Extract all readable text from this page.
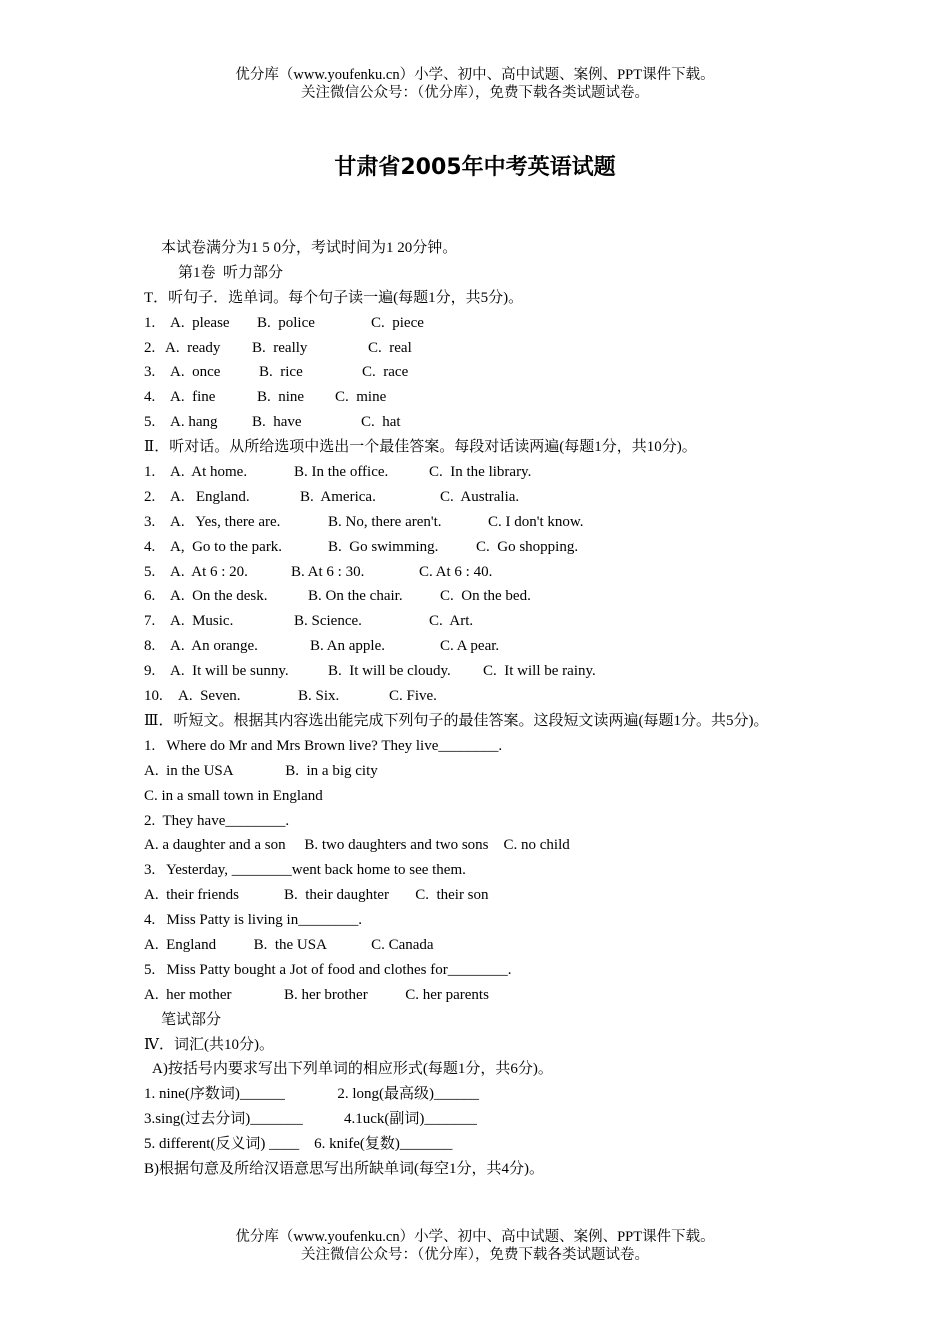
优分库（www.youfenku.cn）小学、初中、高中试题、案例、PPT课件下载。
关注微信公众号：（优分库），免费下载各类试题试卷。
甘肃省2005年中考英语试题
本试卷满分为1 5 0分，考试时间为1 20分钟。
第1卷  听力部分
T．听句子．选单词。每个句子读一遍(每题1分，共5分)。
1. A.  please B.  police	C.  piece
2. A.  ready B.  really	C.  real
3. A.  once	B.  rice	C.  race
4. A.  fine	B.  nine C.  mine
5. A. hang B.  have	C.  hat
Ⅱ．听对话。从所给选项中选出一个最佳答案。每段对话读两遍(每题1分，共10分)。
1. A.  At home.	B. In the office.	C.  In the library.
2. A.   England.	B.  America.	C.  Australia.
3. A.   Yes, there are.	B. No, there aren't.	C. I don't know.
4. A,  Go to the park.	B.  Go swimming.	C.  Go shopping.
5. A.  At 6 : 20.	B. At 6 : 30.	C. At 6 : 40.
6. A.  On the desk.	B. On the chair. C.  On the bed.
7. A.  Music.	B. Science.	C.  Art.
8. A.  An orange.	B. An apple.	C. A pear.
9. A.  It will be sunny.	B.  It will be cloudy. C.  It will be rainy.
10. A.  Seven.	B. Six.	C. Five.
Ⅲ．听短文。根据其内容选出能完成下列句子的最佳答案。这段短文读两遍(每题1分。共5分)。
1.   Where do Mr and Mrs Brown live? They live________.
A.  in the USA              B.  in a big city
C. in a small town in England
2.  They have________.
A. a daughter and a son     B. two daughters and two sons    C. no child
3.   Yesterday, ________went back home to see them.
A.  their friends            B.  their daughter       C.  their son
4.   Miss Patty is living in________.
A.  England          B.  the USA            C. Canada
5.   Miss Patty bought a Jot of food and clothes for________.
A.  her mother              B. her brother          C. her parents
笔试部分
Ⅳ．词汇(共10分)。
A)按括号内要求写出下列单词的相应形式(每题1分，共6分)。
1. nine(序数词)______              2. long(最高级)______
3.sing(过去分词)_______           4.1uck(副词)_______
5. different(反义词) ____    6. knife(复数)_______
B)根据句意及所给汉语意思写出所缺单词(每空1分，共4分)。
优分库（www.youfenku.cn）小学、初中、高中试题、案例、PPT课件下载。
关注微信公众号：（优分库），免费下载各类试题试卷。
